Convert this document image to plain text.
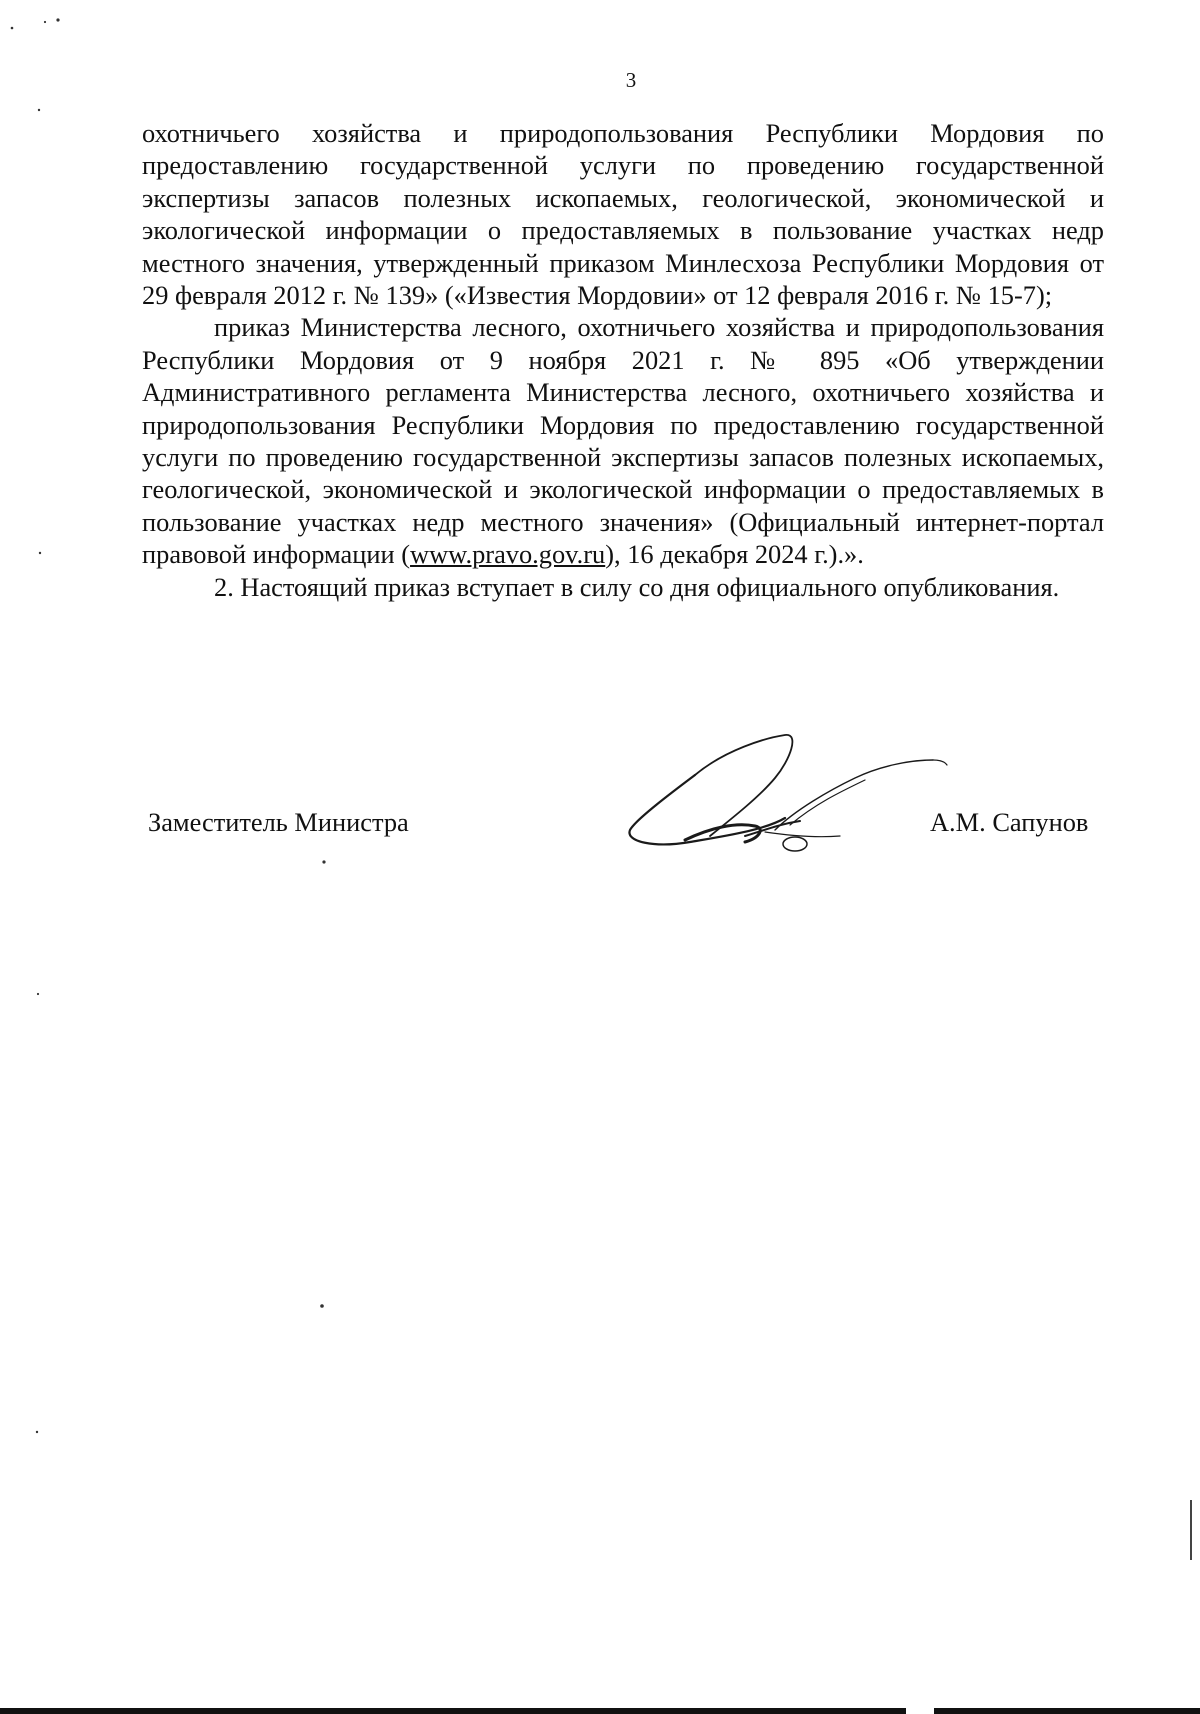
3

охотничьего хозяйства и природопользования Республики Мордовия по предоставлению государственной услуги по проведению государственной экспертизы запасов полезных ископаемых, геологической, экономической и экологической информации о предоставляемых в пользование участках недр местного значения, утвержденный приказом Минлесхоза Республики Мордовия от 29 февраля 2012 г. № 139» («Известия Мордовии» от 12 февраля 2016 г. № 15-7);

приказ Министерства лесного, охотничьего хозяйства и природопользования Республики Мордовия от 9 ноября 2021 г. № 895 «Об утверждении Административного регламента Министерства лесного, охотничьего хозяйства и природопользования Республики Мордовия по предоставлению государственной услуги по проведению государственной экспертизы запасов полезных ископаемых, геологической, экономической и экологической информации о предоставляемых в пользование участках недр местного значения» (Официальный интернет-портал правовой информации (www.pravo.gov.ru), 16 декабря 2024 г.).».

2. Настоящий приказ вступает в силу со дня официального опубликования.

Заместитель Министра	А.М. Сапунов
